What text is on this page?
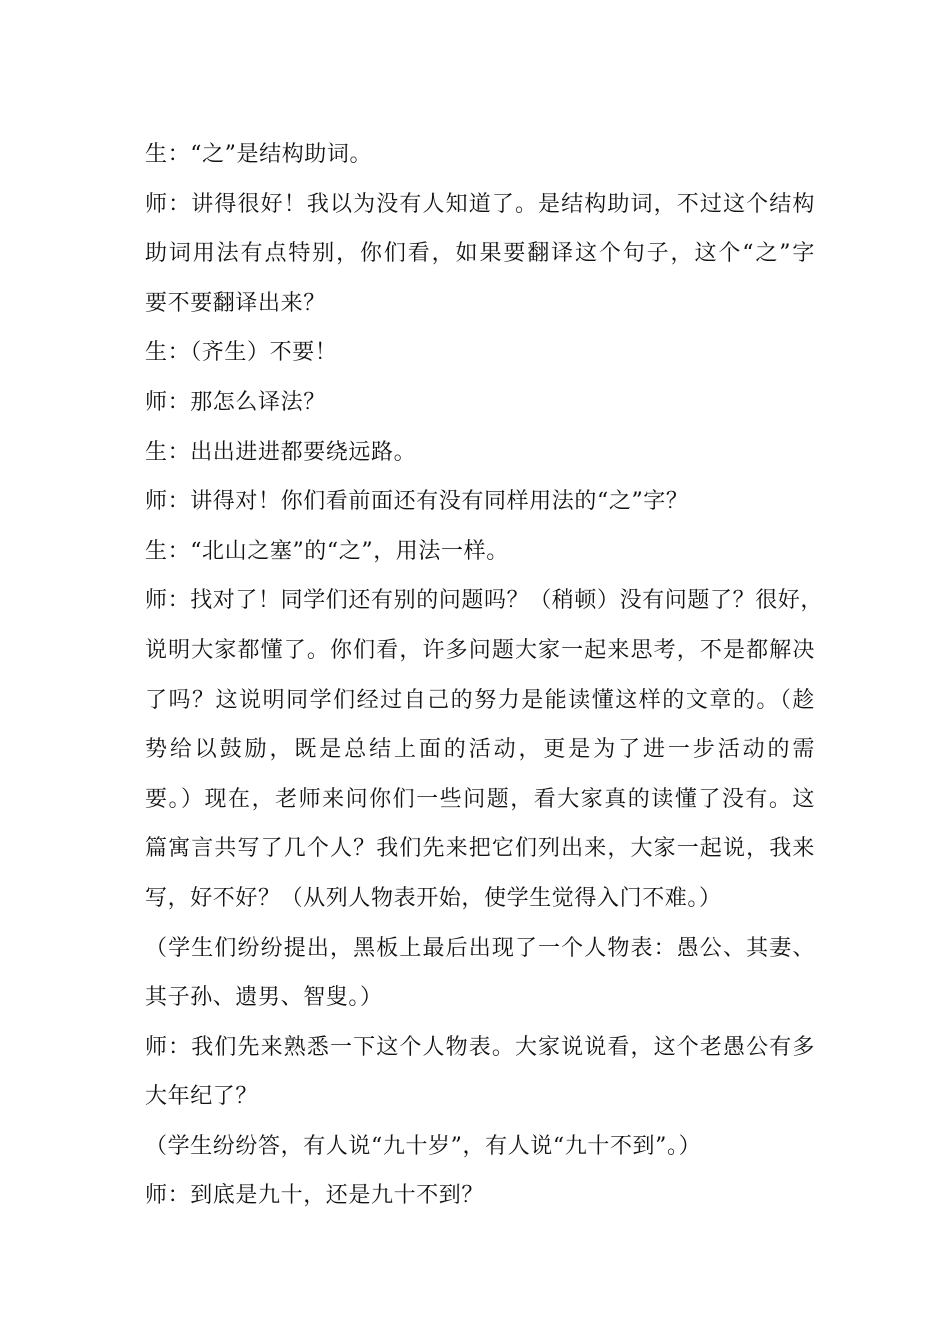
生：“之”是结构助词。
师：讲得很好！我以为没有人知道了。是结构助词，不过这个结构
助词用法有点特别，你们看，如果要翻译这个句子，这个“之”字
要不要翻译出来？
生：（齐生）不要！
师：那怎么译法？
生：出出进进都要绕远路。
师：讲得对！你们看前面还有没有同样用法的“之”字？
生：“北山之塞”的“之”，用法一样。
师：找对了！同学们还有别的问题吗？（稍顿）没有问题了？很好，
说明大家都懂了。你们看，许多问题大家一起来思考，不是都解决
了吗？这说明同学们经过自己的努力是能读懂这样的文章的。（趁
势给以鼓励，既是总结上面的活动，更是为了进一步活动的需
要。）现在，老师来问你们一些问题，看大家真的读懂了没有。这
篇寓言共写了几个人？我们先来把它们列出来，大家一起说，我来
写，好不好？（从列人物表开始，使学生觉得入门不难。）
（学生们纷纷提出，黑板上最后出现了一个人物表：愚公、其妻、
其子孙、遗男、智叟。）
师：我们先来熟悉一下这个人物表。大家说说看，这个老愚公有多
大年纪了？
（学生纷纷答，有人说“九十岁”，有人说“九十不到”。）
师：到底是九十，还是九十不到？
